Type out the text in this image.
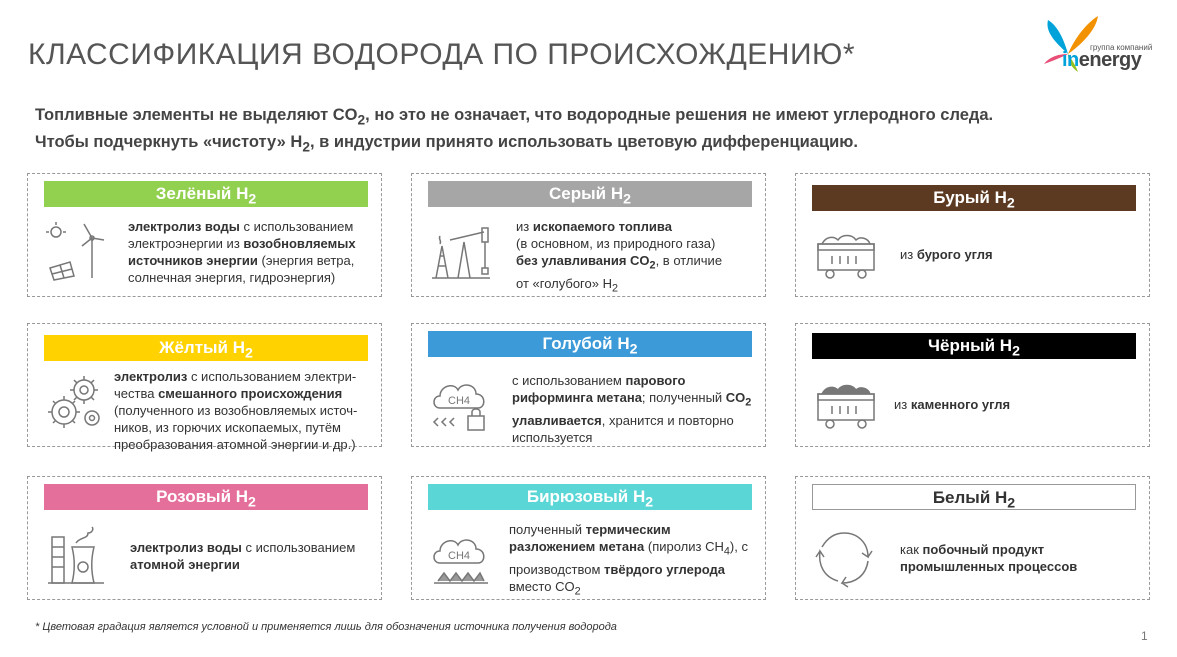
КЛАССИФИКАЦИЯ ВОДОРОДА ПО ПРОИСХОЖДЕНИЮ*	группа компаний
inenergy
Топливные элементы не выделяют $CO_2$, но это не означает, что водородные решения не имеют углеродного следа.
Чтобы подчеркнуть «чистоту» $H_2$, в индустрии принято использовать цветовую дифференциацию.
Зелёный $H_2$
электролиз воды с использованием электроэнергии из возобновляемых источников энергии (энергия ветра, солнечная энергия, гидроэнергия)
Серый $H_2$
из ископаемого топлива
(в основном, из природного газа)
без улавливания $CO_2$, в отличие
от «голубого» $H_2$
Бурый $H_2$
из бурого угля
Жёлтый $H_2$
электролиз с использованием электри-чества смешанного происхождения
(полученного из возобновляемых источ-ников, из горючих ископаемых, путём преобразования атомной энергии и др.)
Голубой $H_2$
CH4
с использованием парового риформинга метана; полученный $CO_2$ улавливается, хранится и повторно используется
Чёрный $H_2$
из каменного угля
Розовый $H_2$
электролиз воды с использованием атомной энергии
Бирюзовый $H_2$
CH4
полученный термическим разложением метана (пиролиз $CH_4$), с производством твёрдого углерода вместо $CO_2$
Белый $H_2$
как побочный продукт промышленных процессов
* Цветовая градация является условной и применяется лишь для обозначения источника получения водорода
1
